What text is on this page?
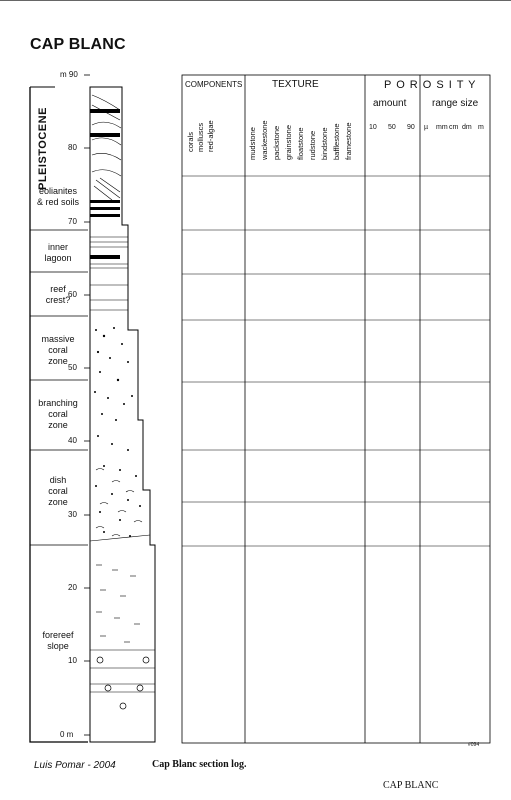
CAP BLANC
m 90
80
70
60
50
40
30
20
10
0 m
PLEISTOCENE
eolianites
& red soils
inner
lagoon
reef
crest?
massive
coral
zone
branching
coral
zone
dish
coral
zone
forereef
slope
COMPONENTS	TEXTURE	P O R O S I T Y
amount	range size
corals molluscs red-algae	mudstone wackestone packstone grainstone floatstone rudstone bindstone bafflestone framestone 10 50 90 µ mm cm dm m
#094
Luis Pomar - 2004	Cap Blanc section log.
CAP BLANC
